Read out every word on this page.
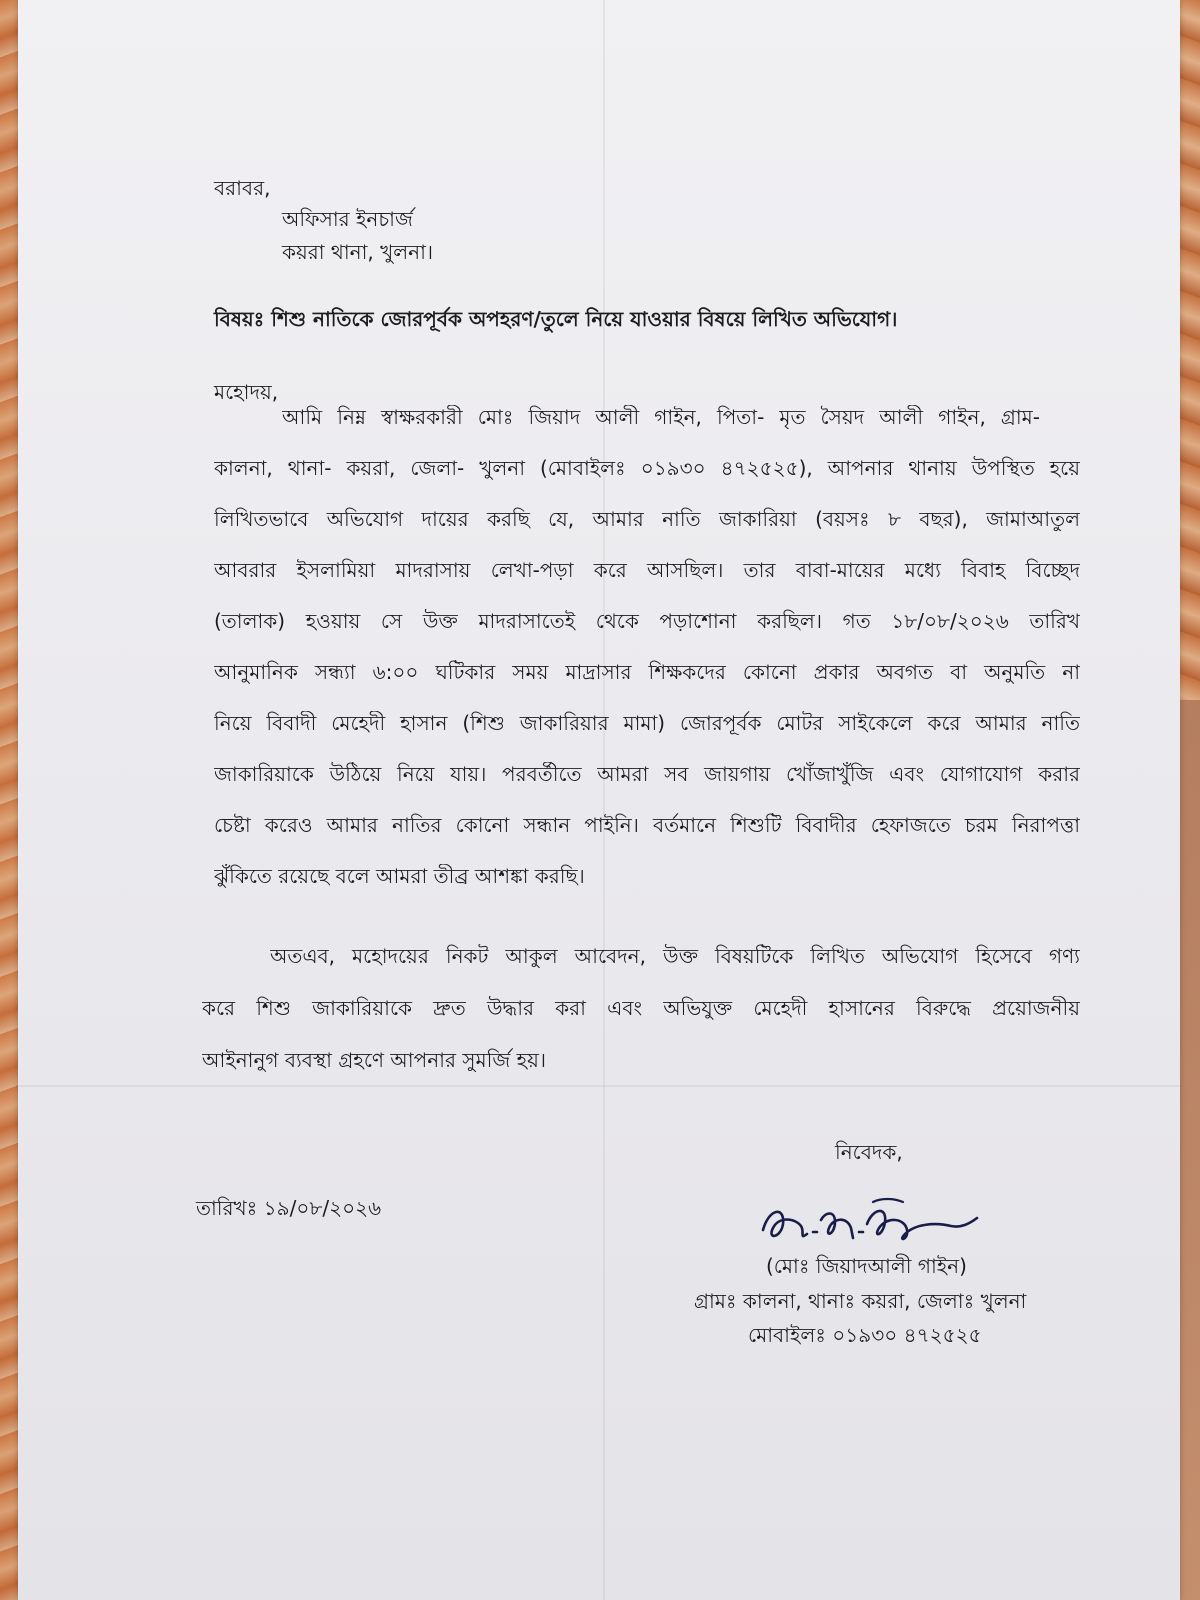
বরাবর,
অফিসার ইনচার্জ
কয়রা থানা, খুলনা।
বিষয়ঃ শিশু নাতিকে জোরপূর্বক অপহরণ/তুলে নিয়ে যাওয়ার বিষয়ে লিখিত অভিযোগ।
মহোদয়,
আমি নিম্ন স্বাক্ষরকারী মোঃ জিয়াদ আলী গাইন, পিতা- মৃত সৈয়দ আলী গাইন, গ্রাম-
কালনা, থানা- কয়রা, জেলা- খুলনা (মোবাইলঃ ০১৯৩০ ৪৭২৫২৫), আপনার থানায় উপস্থিত হয়ে
লিখিতভাবে অভিযোগ দায়ের করছি যে, আমার নাতি জাকারিয়া (বয়সঃ ৮ বছর), জামাআতুল
আবরার ইসলামিয়া মাদরাসায় লেখা-পড়া করে আসছিল। তার বাবা-মায়ের মধ্যে বিবাহ বিচ্ছেদ
(তালাক) হওয়ায় সে উক্ত মাদরাসাতেই থেকে পড়াশোনা করছিল। গত ১৮/০৮/২০২৬ তারিখ
আনুমানিক সন্ধ্যা ৬:০০ ঘটিকার সময় মাদ্রাসার শিক্ষকদের কোনো প্রকার অবগত বা অনুমতি না
নিয়ে বিবাদী মেহেদী হাসান (শিশু জাকারিয়ার মামা) জোরপূর্বক মোটর সাইকেলে করে আমার নাতি
জাকারিয়াকে উঠিয়ে নিয়ে যায়। পরবর্তীতে আমরা সব জায়গায় খোঁজাখুঁজি এবং যোগাযোগ করার
চেষ্টা করেও আমার নাতির কোনো সন্ধান পাইনি। বর্তমানে শিশুটি বিবাদীর হেফাজতে চরম নিরাপত্তা
ঝুঁকিতে রয়েছে বলে আমরা তীব্র আশঙ্কা করছি।
অতএব, মহোদয়ের নিকট আকুল আবেদন, উক্ত বিষয়টিকে লিখিত অভিযোগ হিসেবে গণ্য
করে শিশু জাকারিয়াকে দ্রুত উদ্ধার করা এবং অভিযুক্ত মেহেদী হাসানের বিরুদ্ধে প্রয়োজনীয়
আইনানুগ ব্যবস্থা গ্রহণে আপনার সুমর্জি হয়।
নিবেদক,
তারিখঃ ১৯/০৮/২০২৬
(মোঃ জিয়াদআলী গাইন)
গ্রামঃ কালনা, থানাঃ কয়রা, জেলাঃ খুলনা
মোবাইলঃ ০১৯৩০ ৪৭২৫২৫
